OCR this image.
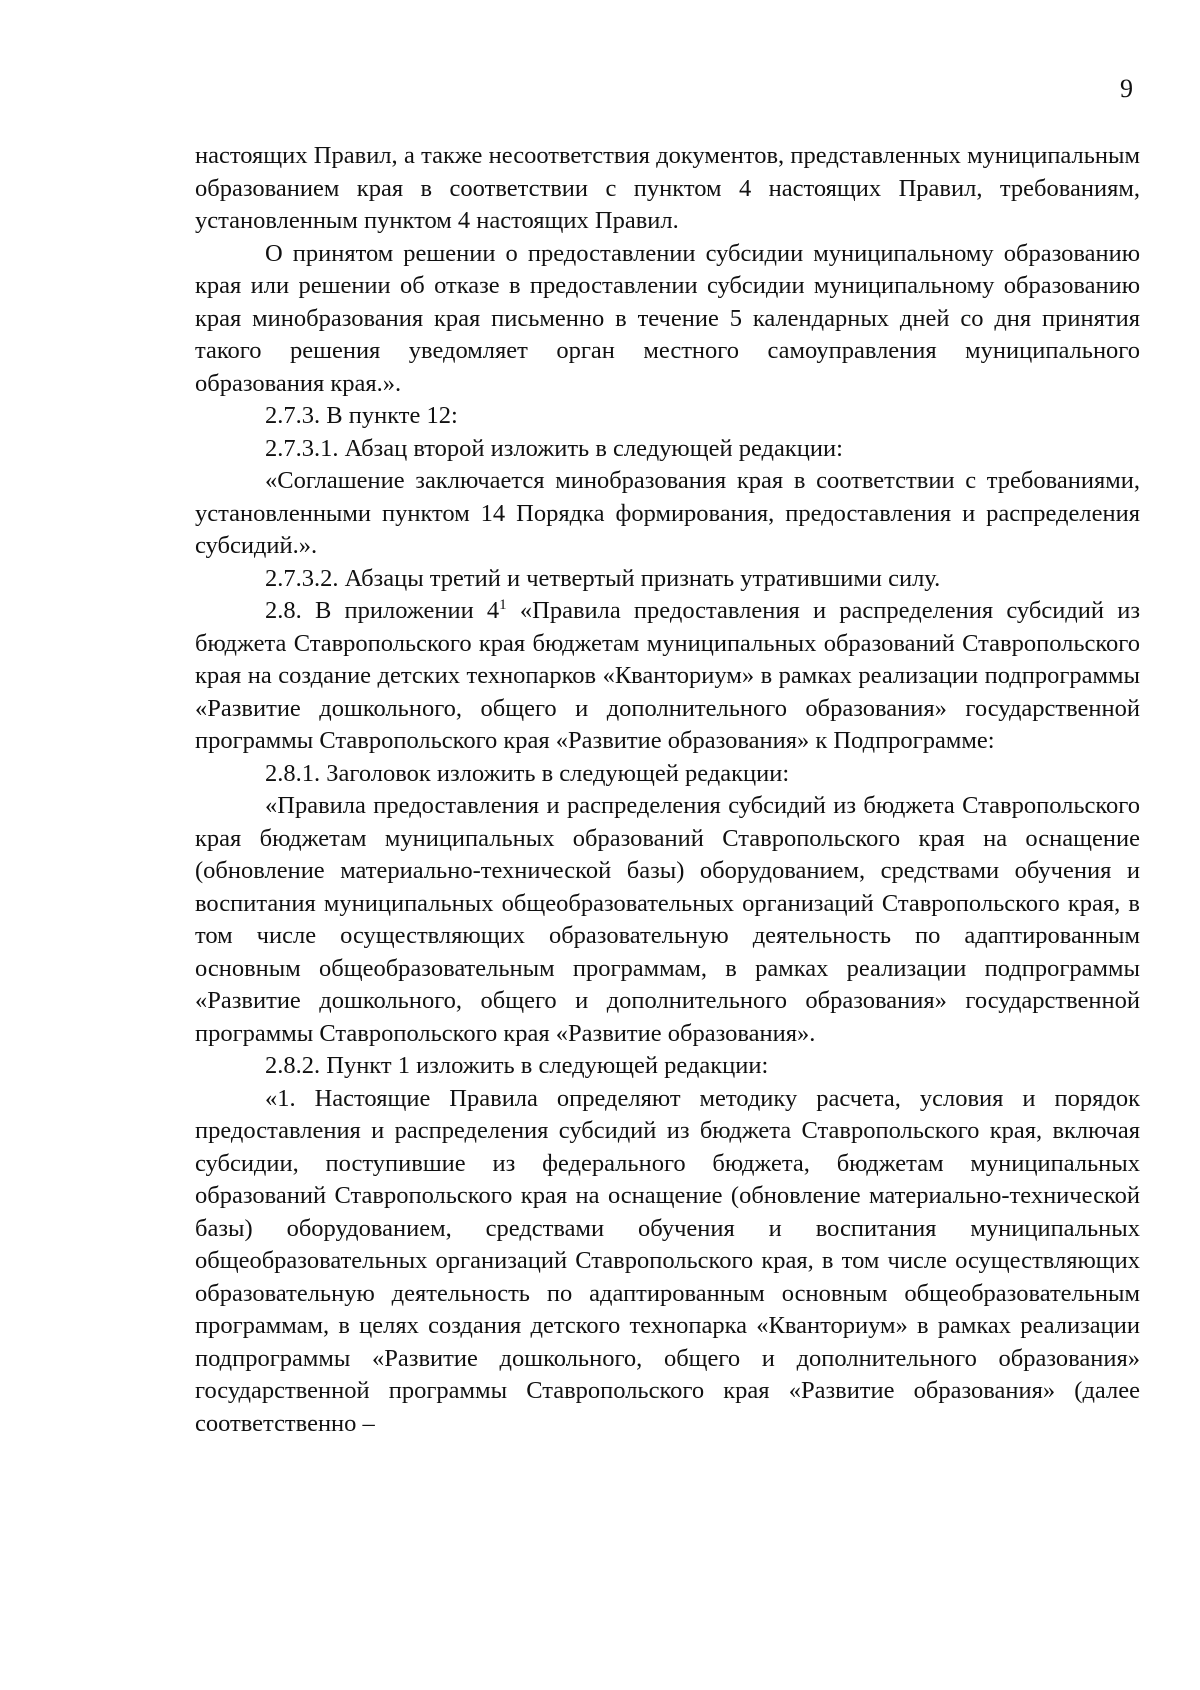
9

настоящих Правил, а также несоответствия документов, представленных муниципальным образованием края в соответствии с пунктом 4 настоящих Правил, требованиям, установленным пунктом 4 настоящих Правил.

О принятом решении о предоставлении субсидии муниципальному образованию края или решении об отказе в предоставлении субсидии муниципальному образованию края минобразования края письменно в течение 5 календарных дней со дня принятия такого решения уведомляет орган местного самоуправления муниципального образования края.».

2.7.3. В пункте 12:

2.7.3.1. Абзац второй изложить в следующей редакции:

«Соглашение заключается минобразования края в соответствии с требованиями, установленными пунктом 14 Порядка формирования, предоставления и распределения субсидий.».

2.7.3.2. Абзацы третий и четвертый признать утратившими силу.

2.8. В приложении $4^1$ «Правила предоставления и распределения субсидий из бюджета Ставропольского края бюджетам муниципальных образований Ставропольского края на создание детских технопарков «Кванториум» в рамках реализации подпрограммы «Развитие дошкольного, общего и дополнительного образования» государственной программы Ставропольского края «Развитие образования» к Подпрограмме:

2.8.1. Заголовок изложить в следующей редакции:

«Правила предоставления и распределения субсидий из бюджета Ставропольского края бюджетам муниципальных образований Ставропольского края на оснащение (обновление материально-технической базы) оборудованием, средствами обучения и воспитания муниципальных общеобразовательных организаций Ставропольского края, в том числе осуществляющих образовательную деятельность по адаптированным основным общеобразовательным программам, в рамках реализации подпрограммы «Развитие дошкольного, общего и дополнительного образования» государственной программы Ставропольского края «Развитие образования».

2.8.2. Пункт 1 изложить в следующей редакции:

«1. Настоящие Правила определяют методику расчета, условия и порядок предоставления и распределения субсидий из бюджета Ставропольского края, включая субсидии, поступившие из федерального бюджета, бюджетам муниципальных образований Ставропольского края на оснащение (обновление материально-технической базы) оборудованием, средствами обучения и воспитания муниципальных общеобразовательных организаций Ставропольского края, в том числе осуществляющих образовательную деятельность по адаптированным основным общеобразовательным программам, в целях создания детского технопарка «Кванториум» в рамках реализации подпрограммы «Развитие дошкольного, общего и дополнительного образования» государственной программы Ставропольского края «Развитие образования» (далее соответственно –
